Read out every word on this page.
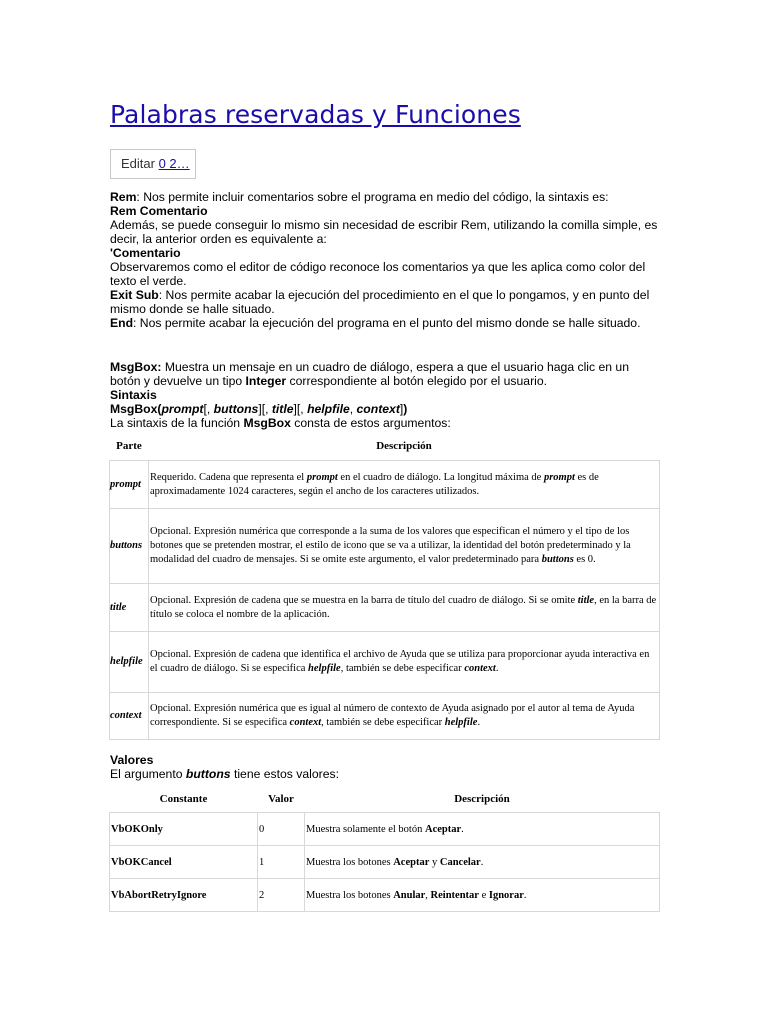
Palabras reservadas y Funciones
Editar 0 2…

Rem: Nos permite incluir comentarios sobre el programa en medio del código, la sintaxis es:

Rem Comentario

Además, se puede conseguir lo mismo sin necesidad de escribir Rem, utilizando la comilla simple, es decir, la anterior orden es equivalente a:

'Comentario

Observaremos como el editor de código reconoce los comentarios ya que les aplica como color del texto el verde.

Exit Sub: Nos permite acabar la ejecución del procedimiento en el que lo pongamos, y en punto del mismo donde se halle situado.

End: Nos permite acabar la ejecución del programa en el punto del mismo donde se halle situado.

MsgBox: Muestra un mensaje en un cuadro de diálogo, espera a que el usuario haga clic en un botón y devuelve un tipo Integer correspondiente al botón elegido por el usuario.

Sintaxis

MsgBox(prompt[, buttons][, title][, helpfile, context])

La sintaxis de la función MsgBox consta de estos argumentos:

Parte	Descripción
prompt	Requerido. Cadena que representa el prompt en el cuadro de diálogo. La longitud máxima de prompt es de aproximadamente 1024 caracteres, según el ancho de los caracteres utilizados.
buttons	Opcional. Expresión numérica que corresponde a la suma de los valores que especifican el número y el tipo de los botones que se pretenden mostrar, el estilo de icono que se va a utilizar, la identidad del botón predeterminado y la modalidad del cuadro de mensajes. Si se omite este argumento, el valor predeterminado para buttons es 0.
title	Opcional. Expresión de cadena que se muestra en la barra de título del cuadro de diálogo. Si se omite title, en la barra de título se coloca el nombre de la aplicación.
helpfile	Opcional. Expresión de cadena que identifica el archivo de Ayuda que se utiliza para proporcionar ayuda interactiva en el cuadro de diálogo. Si se especifica helpfile, también se debe especificar context.
context	Opcional. Expresión numérica que es igual al número de contexto de Ayuda asignado por el autor al tema de Ayuda correspondiente. Si se especifica context, también se debe especificar helpfile.

Valores

El argumento buttons tiene estos valores:

Constante	Valor	Descripción
VbOKOnly	0	Muestra solamente el botón Aceptar.
VbOKCancel	1	Muestra los botones Aceptar y Cancelar.
VbAbortRetryIgnore	2	Muestra los botones Anular, Reintentar e Ignorar.
